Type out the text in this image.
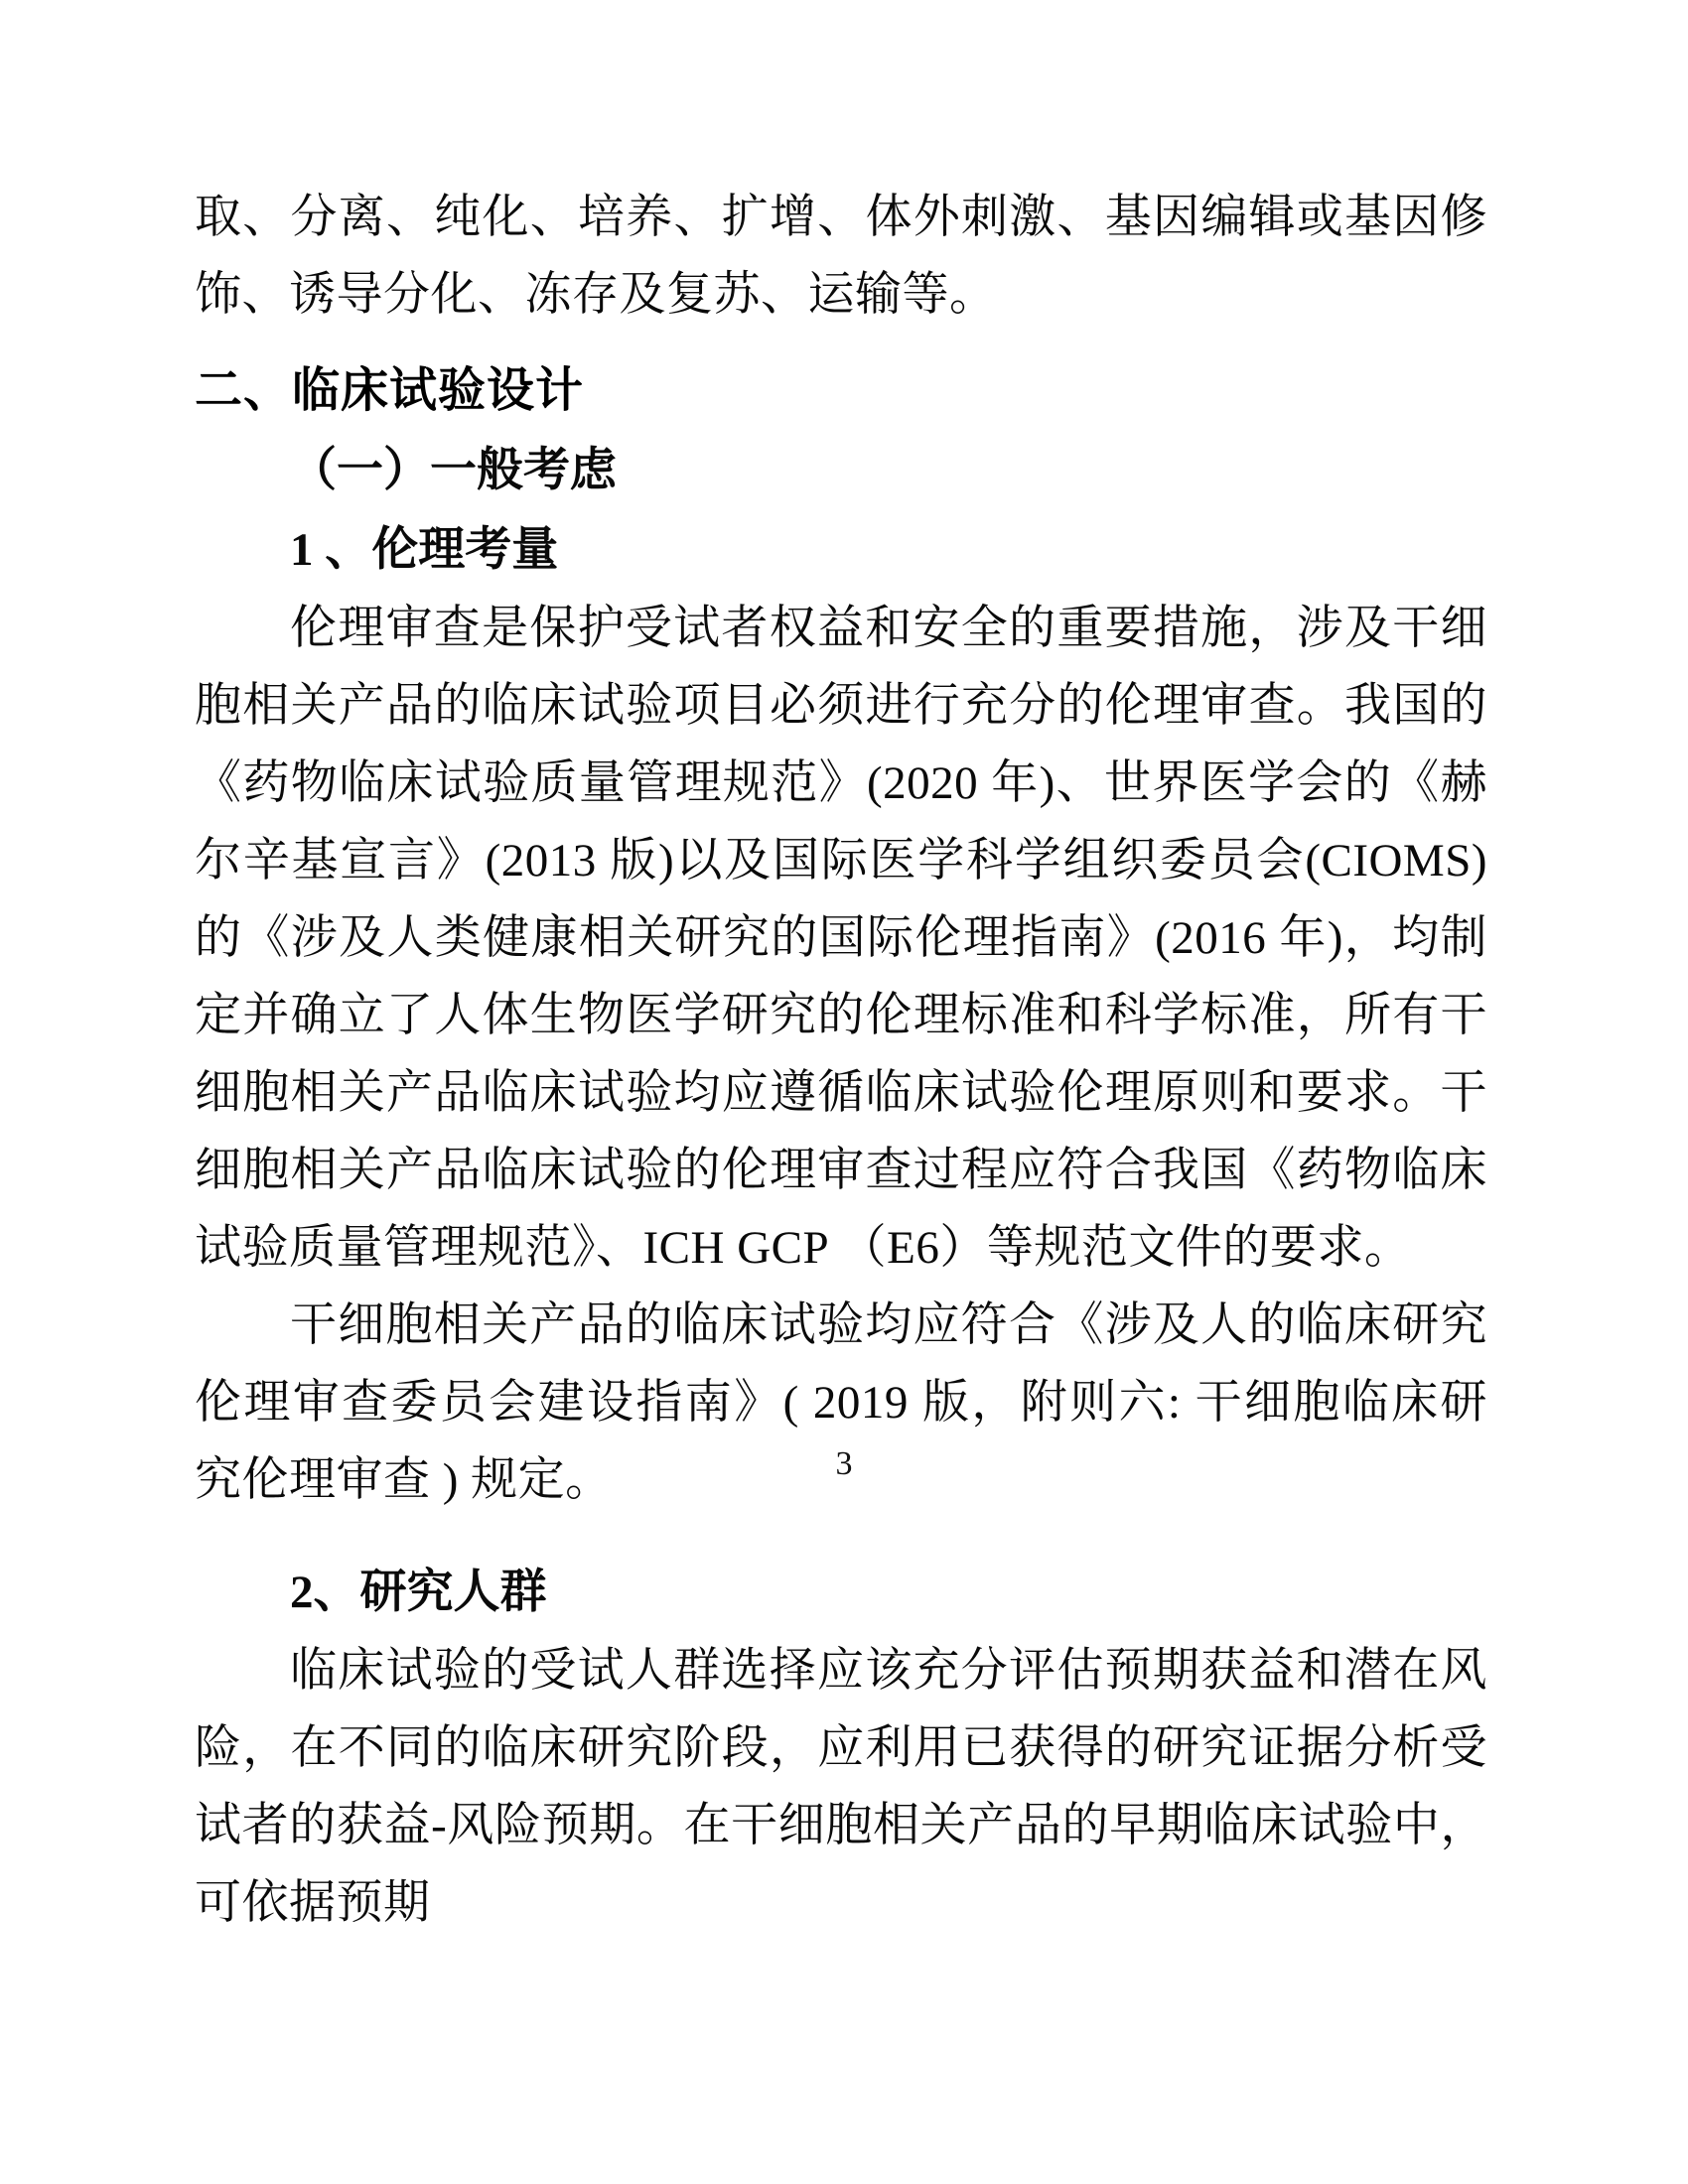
取、分离、纯化、培养、扩增、体外刺激、基因编辑或基因修饰、诱导分化、冻存及复苏、运输等。

二、临床试验设计
（一）一般考虑
1 、伦理考量

伦理审查是保护受试者权益和安全的重要措施，涉及干细胞相关产品的临床试验项目必须进行充分的伦理审查。我国的《药物临床试验质量管理规范》(2020 年)、世界医学会的《赫尔辛基宣言》(2013 版)以及国际医学科学组织委员会(CIOMS)的《涉及人类健康相关研究的国际伦理指南》(2016 年)，均制定并确立了人体生物医学研究的伦理标准和科学标准，所有干细胞相关产品临床试验均应遵循临床试验伦理原则和要求。干细胞相关产品临床试验的伦理审查过程应符合我国《药物临床试验质量管理规范》、ICH GCP （E6）等规范文件的要求。

干细胞相关产品的临床试验均应符合《涉及人的临床研究伦理审查委员会建设指南》( 2019 版，附则六: 干细胞临床研究伦理审查 ) 规定。

2、研究人群

临床试验的受试人群选择应该充分评估预期获益和潜在风险，在不同的临床研究阶段，应利用已获得的研究证据分析受试者的获益-风险预期。在干细胞相关产品的早期临床试验中，可依据预期

3
